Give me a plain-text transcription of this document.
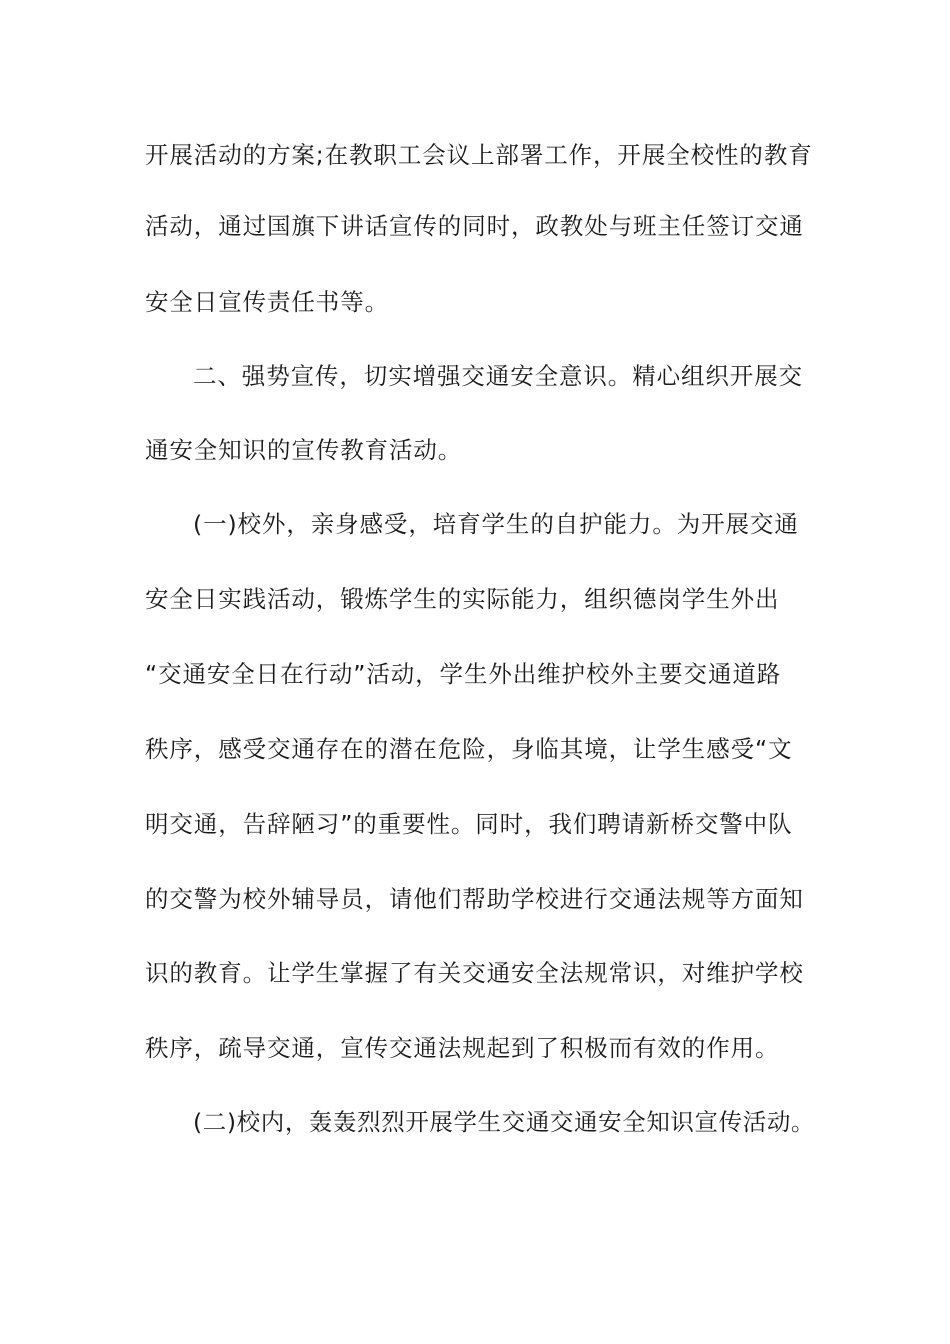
开展活动的方案;在教职工会议上部署工作，开展全校性的教育
活动，通过国旗下讲话宣传的同时，政教处与班主任签订交通
安全日宣传责任书等。
二、强势宣传，切实增强交通安全意识。精心组织开展交
通安全知识的宣传教育活动。
(一)校外，亲身感受，培育学生的自护能力。为开展交通
安全日实践活动，锻炼学生的实际能力，组织德岗学生外出
“交通安全日在行动”活动，学生外出维护校外主要交通道路
秩序，感受交通存在的潜在危险，身临其境，让学生感受“文
明交通，告辞陋习”的重要性。同时，我们聘请新桥交警中队
的交警为校外辅导员，请他们帮助学校进行交通法规等方面知
识的教育。让学生掌握了有关交通安全法规常识，对维护学校
秩序，疏导交通，宣传交通法规起到了积极而有效的作用。
(二)校内，轰轰烈烈开展学生交通交通安全知识宣传活动。
